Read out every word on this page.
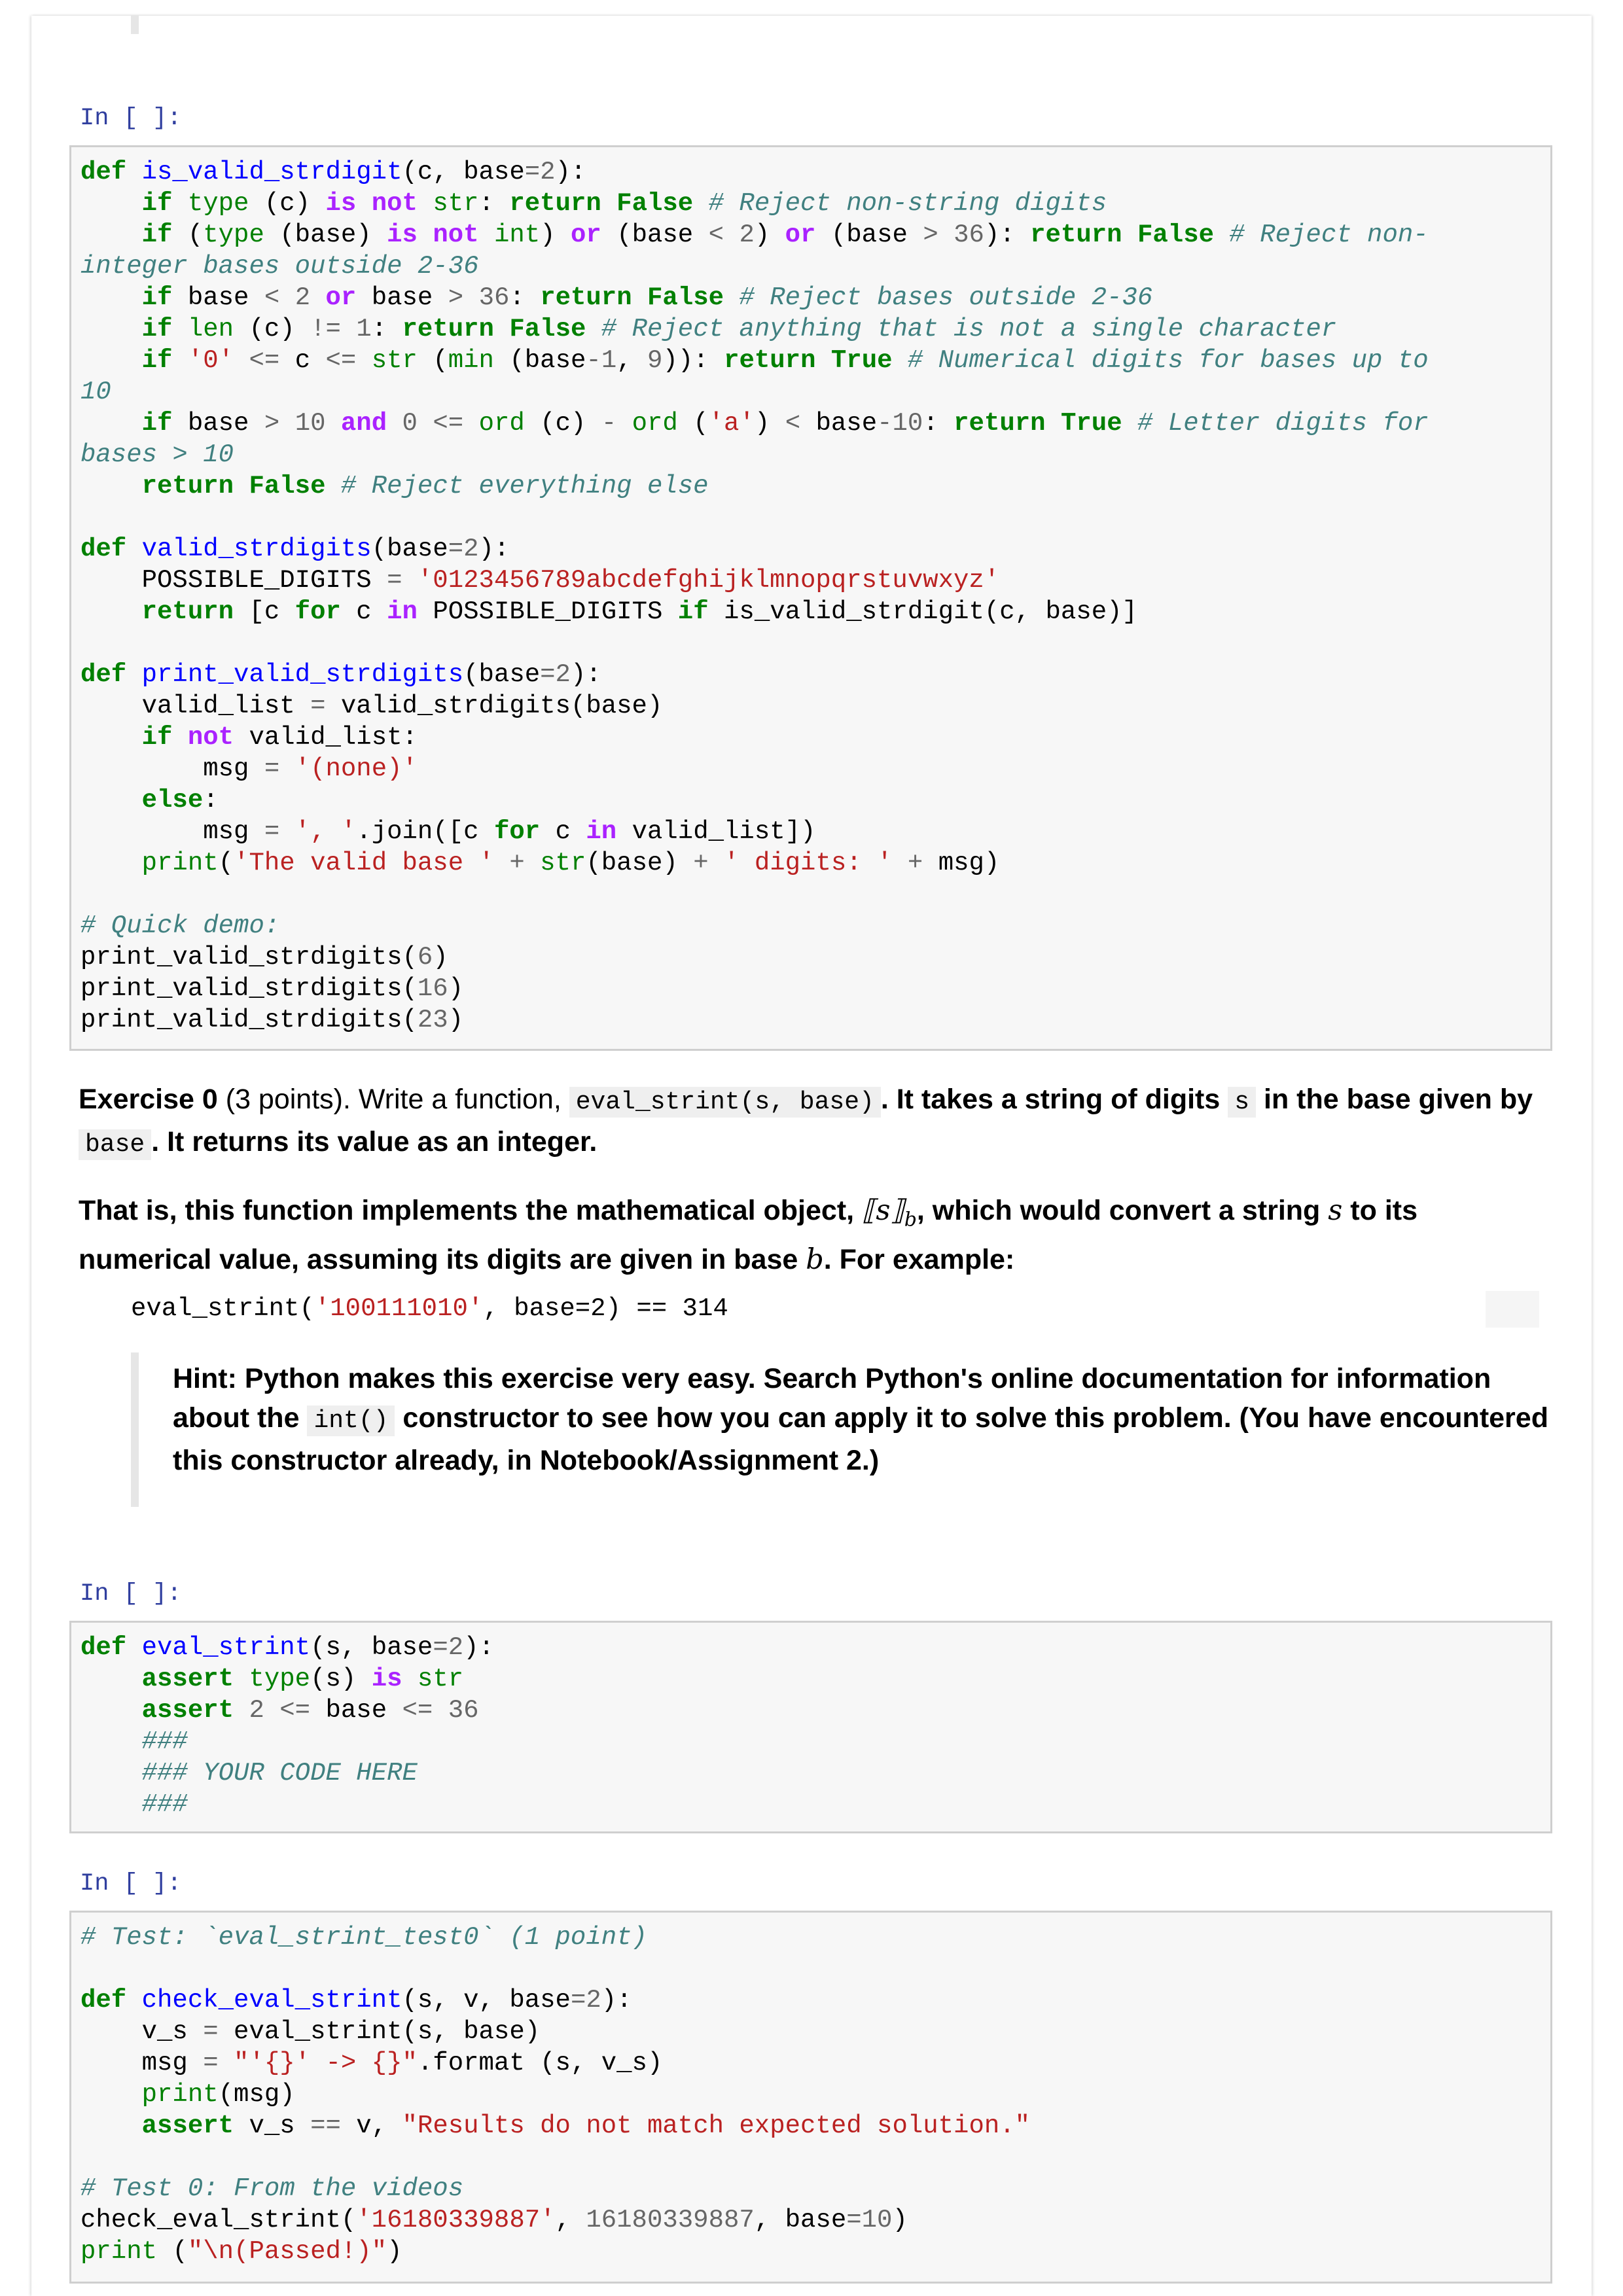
In [ ]:
def is_valid_strdigit(c, base=2):
if type (c) is not str: return False # Reject non-string digits
if (type (base) is not int) or (base < 2) or (base > 36): return False # Reject non-
integer bases outside 2-36
if base < 2 or base > 36: return False # Reject bases outside 2-36
if len (c) != 1: return False # Reject anything that is not a single character
if '0' <= c <= str (min (base-1, 9)): return True # Numerical digits for bases up to
10
if base > 10 and 0 <= ord (c) - ord ('a') < base-10: return True # Letter digits for
bases > 10
return False # Reject everything else
def valid_strdigits(base=2):
POSSIBLE_DIGITS = '0123456789abcdefghijklmnopqrstuvwxyz'
return [c for c in POSSIBLE_DIGITS if is_valid_strdigit(c, base)]
def print_valid_strdigits(base=2):
valid_list = valid_strdigits(base)
if not valid_list:
msg = '(none)'
else:
msg = ', '.join([c for c in valid_list])
print('The valid base ' + str(base) + ' digits: ' + msg)
# Quick demo:
print_valid_strdigits(6)
print_valid_strdigits(16)
print_valid_strdigits(23)

Exercise 0 (3 points). Write a function, eval_strint(s, base) . It takes a string of digits s in the base given by base . It returns its value as an integer.

That is, this function implements the mathematical object, $⟦s⟧_b$, which would convert a string s to its numerical value, assuming its digits are given in base b. For example:

eval_strint('100111010', base=2) == 314
Hint: Python makes this exercise very easy. Search Python's online documentation for information about the int() constructor to see how you can apply it to solve this problem. (You have encountered this constructor already, in Notebook/Assignment 2.)
In [ ]:
def eval_strint(s, base=2):
assert type(s) is str
assert 2 <= base <= 36
###
### YOUR CODE HERE
###
In [ ]:
# Test: `eval_strint_test0` (1 point)
def check_eval_strint(s, v, base=2):
v_s = eval_strint(s, base)
msg = "'{}' -> {}".format (s, v_s)
print(msg)
assert v_s == v, "Results do not match expected solution."
# Test 0: From the videos
check_eval_strint('16180339887', 16180339887, base=10)
print ("\n(Passed!)")
